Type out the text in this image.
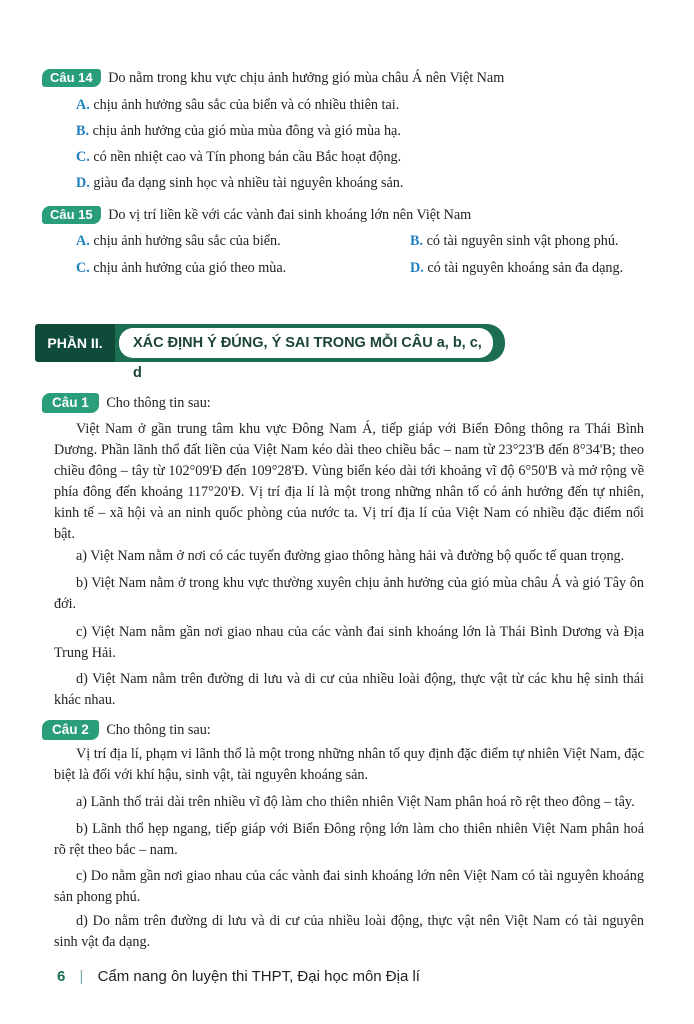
Câu 14 Do nằm trong khu vực chịu ảnh hưởng gió mùa châu Á nên Việt Nam
A. chịu ảnh hưởng sâu sắc của biển và có nhiều thiên tai.
B. chịu ảnh hưởng của gió mùa mùa đông và gió mùa hạ.
C. có nền nhiệt cao và Tín phong bán cầu Bắc hoạt động.
D. giàu đa dạng sinh học và nhiều tài nguyên khoáng sản.
Câu 15 Do vị trí liền kề với các vành đai sinh khoáng lớn nên Việt Nam
A. chịu ảnh hưởng sâu sắc của biển.	B. có tài nguyên sinh vật phong phú.
C. chịu ảnh hưởng của gió theo mùa.	D. có tài nguyên khoáng sản đa dạng.
PHẦN II.	XÁC ĐỊNH Ý ĐÚNG, Ý SAI TRONG MỖI CÂU a, b, c, d
Câu 1 Cho thông tin sau:
Việt Nam ở gần trung tâm khu vực Đông Nam Á, tiếp giáp với Biển Đông thông ra Thái Bình Dương. Phần lãnh thổ đất liền của Việt Nam kéo dài theo chiều bắc – nam từ 23°23'B đến 8°34'B; theo chiều đông – tây từ 102°09'Đ đến 109°28'Đ. Vùng biển kéo dài tới khoảng vĩ độ 6°50'B và mở rộng về phía đông đến khoảng 117°20'Đ. Vị trí địa lí là một trong những nhân tố có ảnh hưởng đến tự nhiên, kinh tế – xã hội và an ninh quốc phòng của nước ta. Vị trí địa lí của Việt Nam có nhiều đặc điểm nổi bật.
a) Việt Nam nằm ở nơi có các tuyến đường giao thông hàng hải và đường bộ quốc tế quan trọng.
b) Việt Nam nằm ở trong khu vực thường xuyên chịu ảnh hưởng của gió mùa châu Á và gió Tây ôn đới.
c) Việt Nam nằm gần nơi giao nhau của các vành đai sinh khoáng lớn là Thái Bình Dương và Địa Trung Hải.
d) Việt Nam nằm trên đường di lưu và di cư của nhiều loài động, thực vật từ các khu hệ sinh thái khác nhau.
Câu 2 Cho thông tin sau:
Vị trí địa lí, phạm vi lãnh thổ là một trong những nhân tố quy định đặc điểm tự nhiên Việt Nam, đặc biệt là đối với khí hậu, sinh vật, tài nguyên khoáng sản.
a) Lãnh thổ trải dài trên nhiều vĩ độ làm cho thiên nhiên Việt Nam phân hoá rõ rệt theo đông – tây.
b) Lãnh thổ hẹp ngang, tiếp giáp với Biển Đông rộng lớn làm cho thiên nhiên Việt Nam phân hoá rõ rệt theo bắc – nam.
c) Do nằm gần nơi giao nhau của các vành đai sinh khoáng lớn nên Việt Nam có tài nguyên khoáng sản phong phú.
d) Do nằm trên đường di lưu và di cư của nhiều loài động, thực vật nên Việt Nam có tài nguyên sinh vật đa dạng.
6 | Cẩm nang ôn luyện thi THPT, Đại học môn Địa lí
